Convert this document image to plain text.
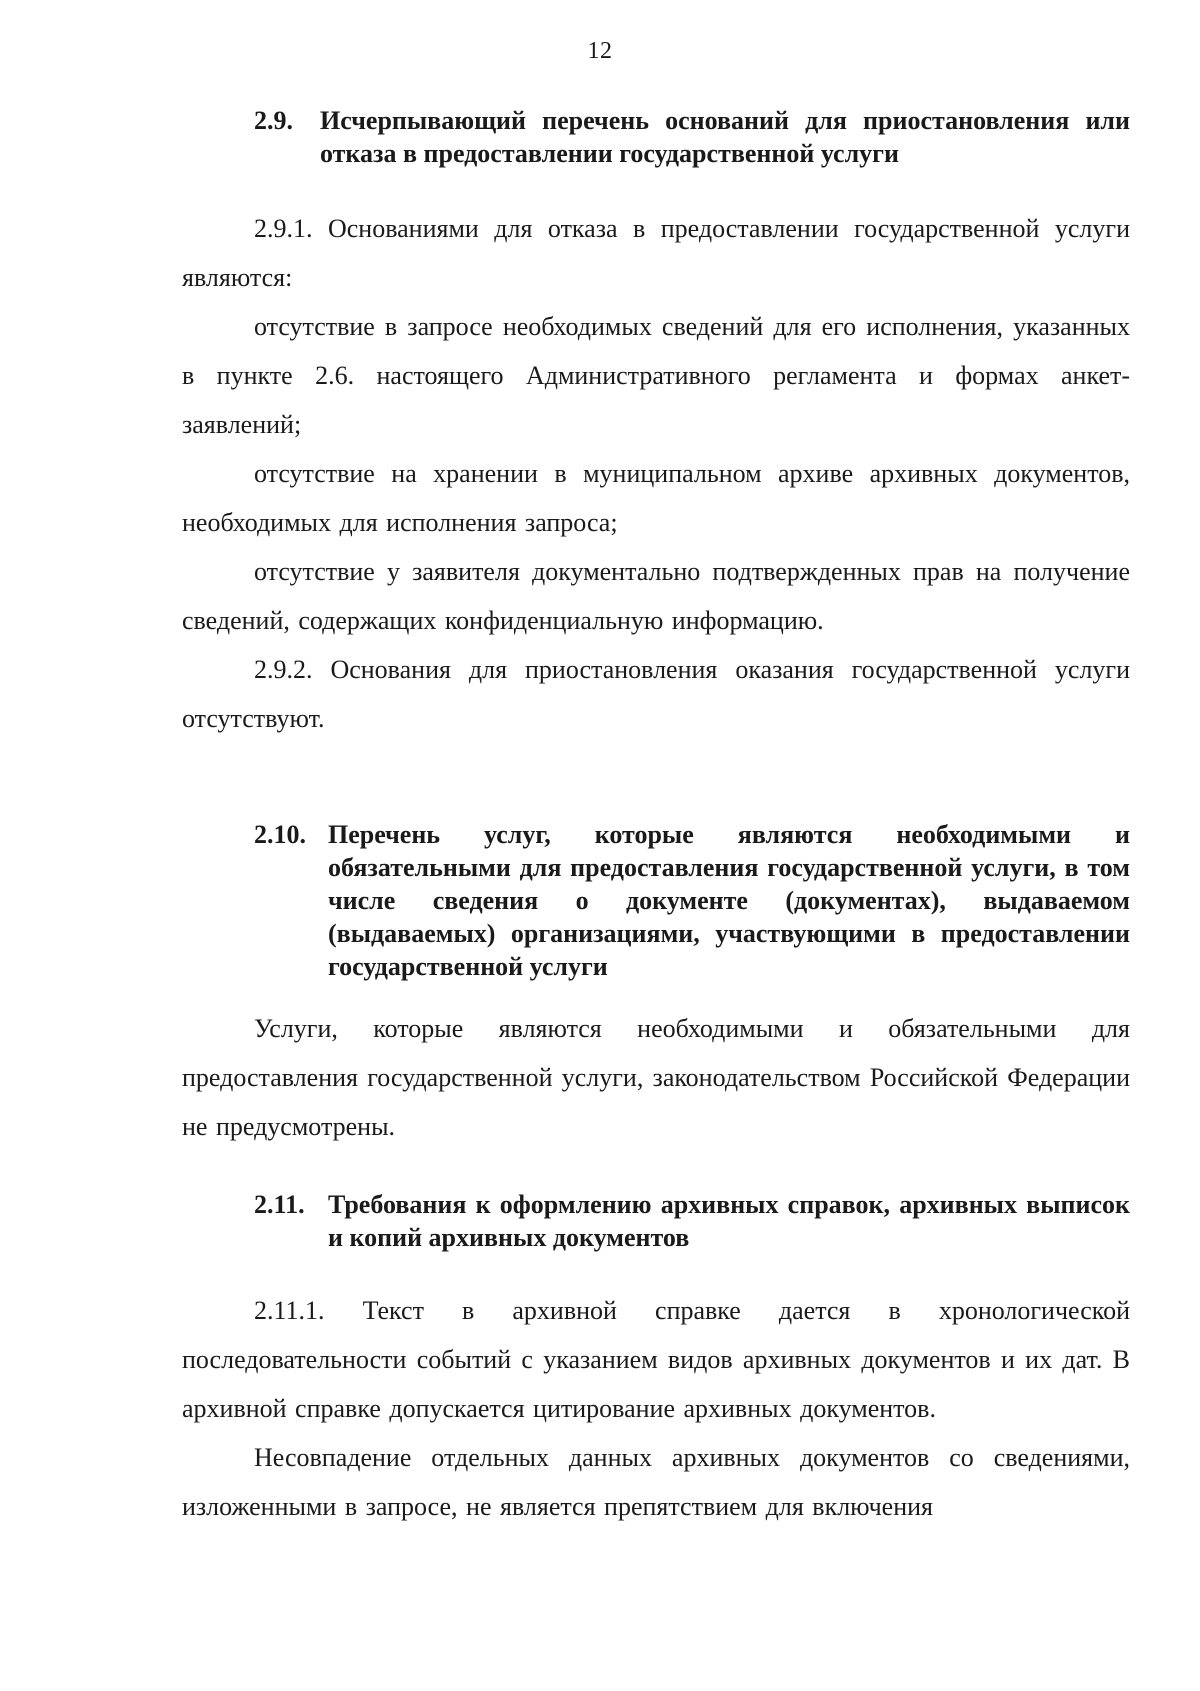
12
2.9.	Исчерпывающий перечень оснований для приостановления или отказа в предоставлении государственной услуги

2.9.1. Основаниями для отказа в предоставлении государственной услуги являются:

отсутствие в запросе необходимых сведений для его исполнения, указанных в пункте 2.6. настоящего Административного регламента и формах анкет-заявлений;

отсутствие на хранении в муниципальном архиве архивных документов, необходимых для исполнения запроса;

отсутствие у заявителя документально подтвержденных прав на получение сведений, содержащих конфиденциальную информацию.

2.9.2. Основания для приостановления оказания государственной услуги отсутствуют.

2.10. Перечень услуг, которые являются необходимыми и обязательными для предоставления государственной услуги, в том числе сведения о документе (документах), выдаваемом (выдаваемых) организациями, участвующими в предоставлении государственной услуги

Услуги, которые являются необходимыми и обязательными для предоставления государственной услуги, законодательством Российской Федерации не предусмотрены.

2.11. Требования к оформлению архивных справок, архивных выписок и копий архивных документов

2.11.1. Текст в архивной справке дается в хронологической последовательности событий с указанием видов архивных документов и их дат. В архивной справке допускается цитирование архивных документов.

Несовпадение отдельных данных архивных документов со сведениями, изложенными в запросе, не является препятствием для включения
